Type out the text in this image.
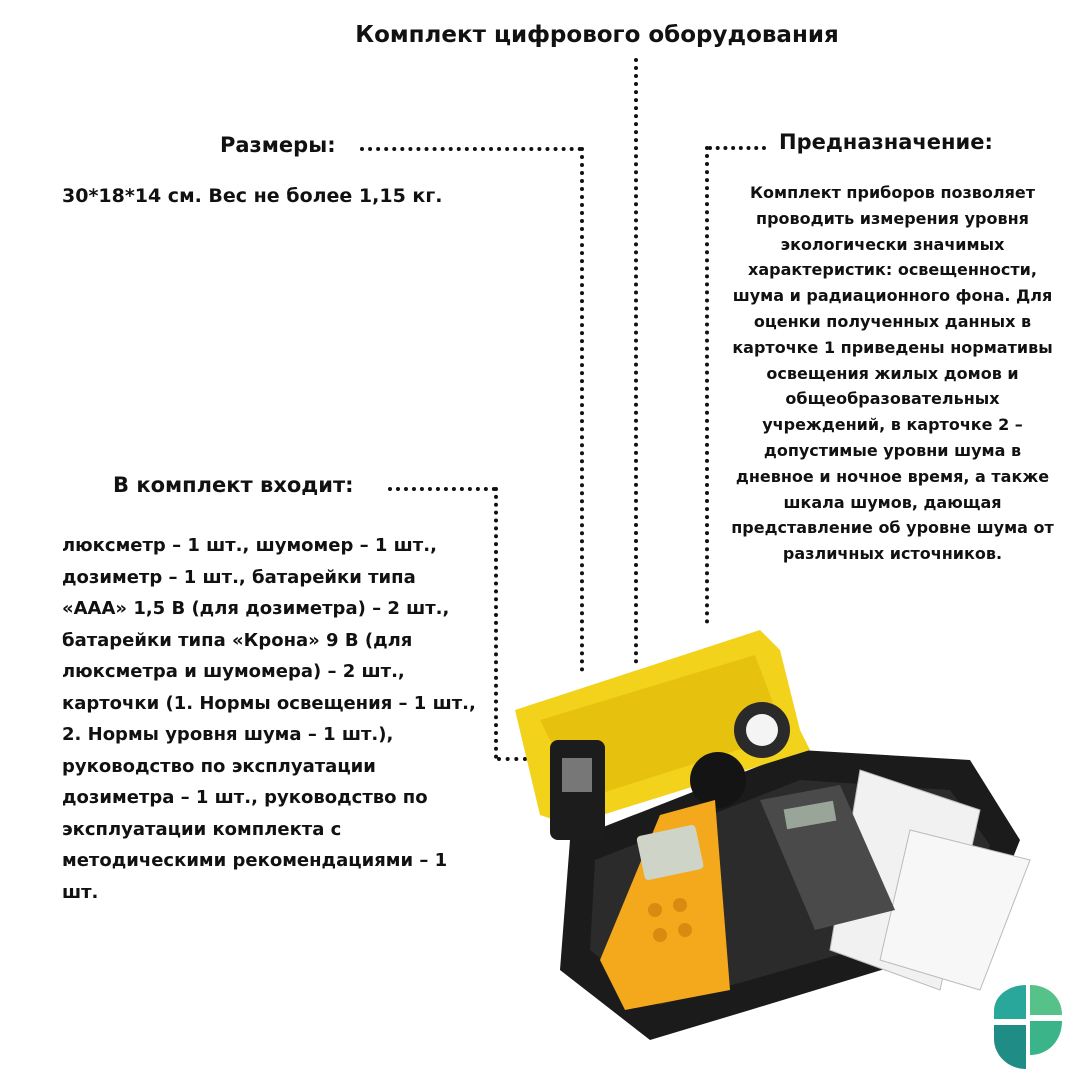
Комплект цифрового оборудования
Размеры:
30*18*14 см. Вес не более 1,15 кг.
Предназначение:
Комплект приборов позволяет проводить измерения уровня экологически значимых характеристик: освещенности, шума и радиационного фона. Для оценки полученных данных в карточке 1 приведены нормативы освещения жилых домов и общеобразовательных учреждений, в карточке 2 – допустимые уровни шума в дневное и ночное время, а также шкала шумов, дающая представление об уровне шума от различных источников.
В комплект входит:
люксметр – 1 шт., шумомер – 1 шт., дозиметр – 1 шт., батарейки типа «ААА» 1,5 В (для дозиметра) – 2 шт., батарейки типа «Крона» 9 В (для люксметра и шумомера) – 2 шт., карточки (1. Нормы освещения – 1 шт., 2. Нормы уровня шума – 1 шт.), руководство по эксплуатации дозиметра – 1 шт., руководство по эксплуатации комплекта с методическими рекомендациями – 1 шт.
